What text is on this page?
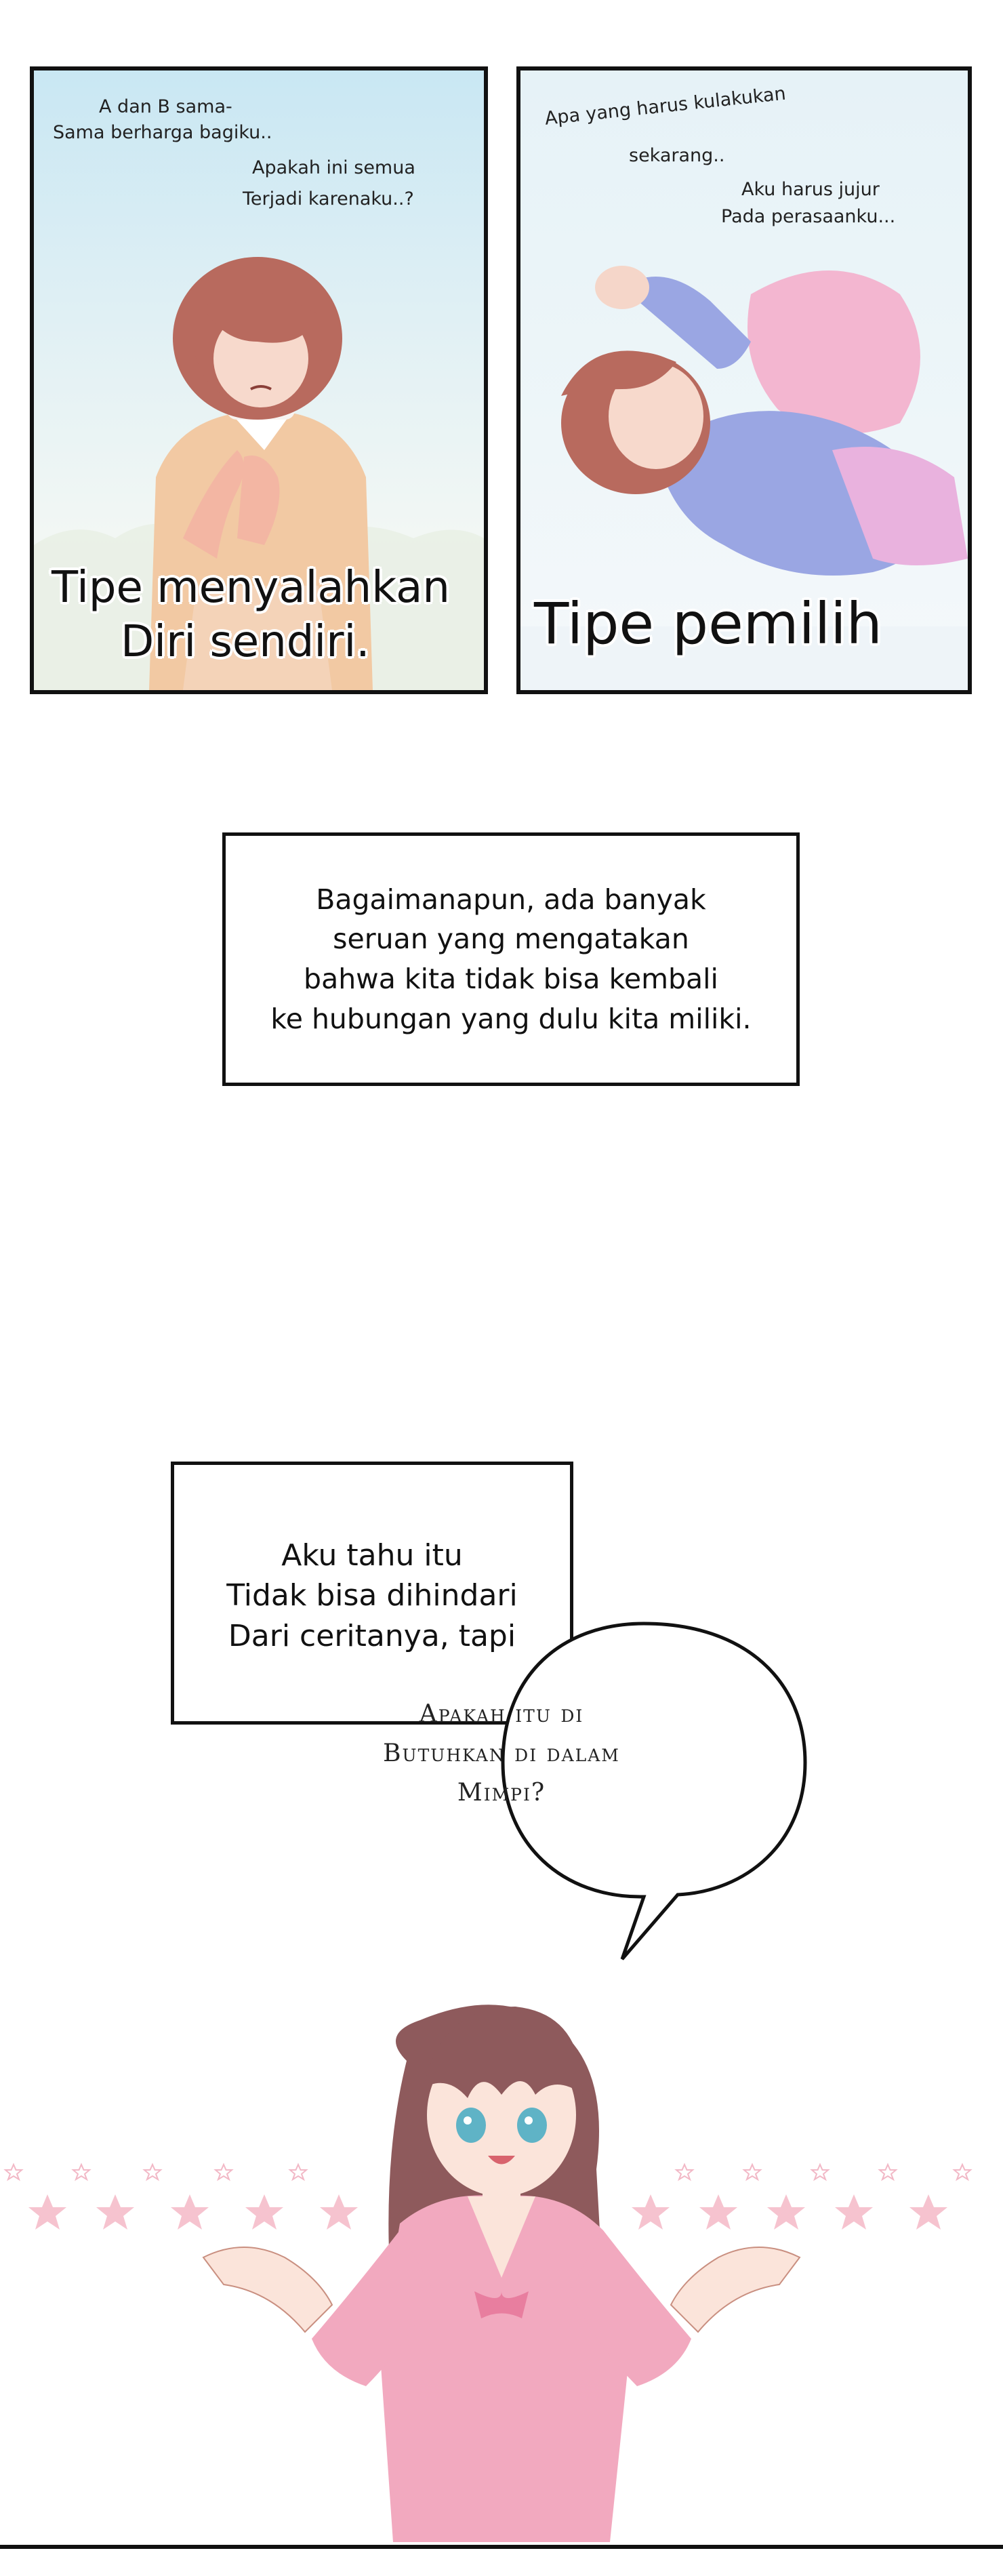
A dan B sama-
Sama berharga bagiku..
Apakah ini semua
Terjadi karenaku..?
Tipe menyalahkan
Diri sendiri.
Apa yang harus kulakukan
sekarang..
Aku harus jujur
Pada perasaanku...
Tipe pemilih
Bagaimanapun, ada banyak
seruan yang mengatakan
bahwa kita tidak bisa kembali
ke hubungan yang dulu kita miliki.
Aku tahu itu
Tidak bisa dihindari
Dari ceritanya, tapi
Apakah itu di
Butuhkan di dalam
Mimpi?
